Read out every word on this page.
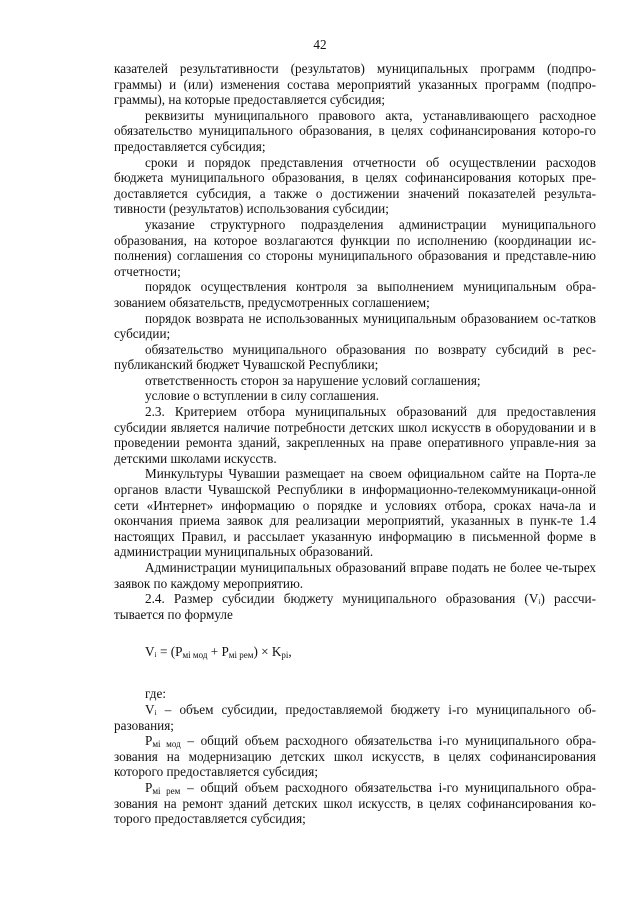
42

казателей результативности (результатов) муниципальных программ (подпро-граммы) и (или) изменения состава мероприятий указанных программ (подпро-граммы), на которые предоставляется субсидия;

реквизиты муниципального правового акта, устанавливающего расходное обязательство муниципального образования, в целях софинансирования которо-го предоставляется субсидия;

сроки и порядок представления отчетности об осуществлении расходов бюджета муниципального образования, в целях софинансирования которых пре-доставляется субсидия, а также о достижении значений показателей результа-тивности (результатов) использования субсидии;

указание структурного подразделения администрации муниципального образования, на которое возлагаются функции по исполнению (координации ис-полнения) соглашения со стороны муниципального образования и представле-нию отчетности;

порядок осуществления контроля за выполнением муниципальным обра-зованием обязательств, предусмотренных соглашением;

порядок возврата не использованных муниципальным образованием ос-татков субсидии;

обязательство муниципального образования по возврату субсидий в рес-публиканский бюджет Чувашской Республики;

ответственность сторон за нарушение условий соглашения;

условие о вступлении в силу соглашения.

2.3. Критерием отбора муниципальных образований для предоставления субсидии является наличие потребности детских школ искусств в оборудовании и в проведении ремонта зданий, закрепленных на праве оперативного управле-ния за детскими школами искусств.

Минкультуры Чувашии размещает на своем официальном сайте на Порта-ле органов власти Чувашской Республики в информационно-телекоммуникаци-онной сети «Интернет» информацию о порядке и условиях отбора, сроках нача-ла и окончания приема заявок для реализации мероприятий, указанных в пунк-те 1.4 настоящих Правил, и рассылает указанную информацию в письменной форме в администрации муниципальных образований.

Администрации муниципальных образований вправе подать не более че-тырех заявок по каждому мероприятию.

2.4. Размер субсидии бюджету муниципального образования (Vᵢ) рассчи-тывается по формуле

Vᵢ = $(P_{мi мод} + P_{мi рем}) \times K_{рi}$,

где:

Vᵢ – объем субсидии, предоставляемой бюджету i-го муниципального об-разования;

$P_{мi мод}$ – общий объем расходного обязательства i-го муниципального обра-зования на модернизацию детских школ искусств, в целях софинансирования которого предоставляется субсидия;

$P_{мi рем}$ – общий объем расходного обязательства i-го муниципального обра-зования на ремонт зданий детских школ искусств, в целях софинансирования ко-торого предоставляется субсидия;
